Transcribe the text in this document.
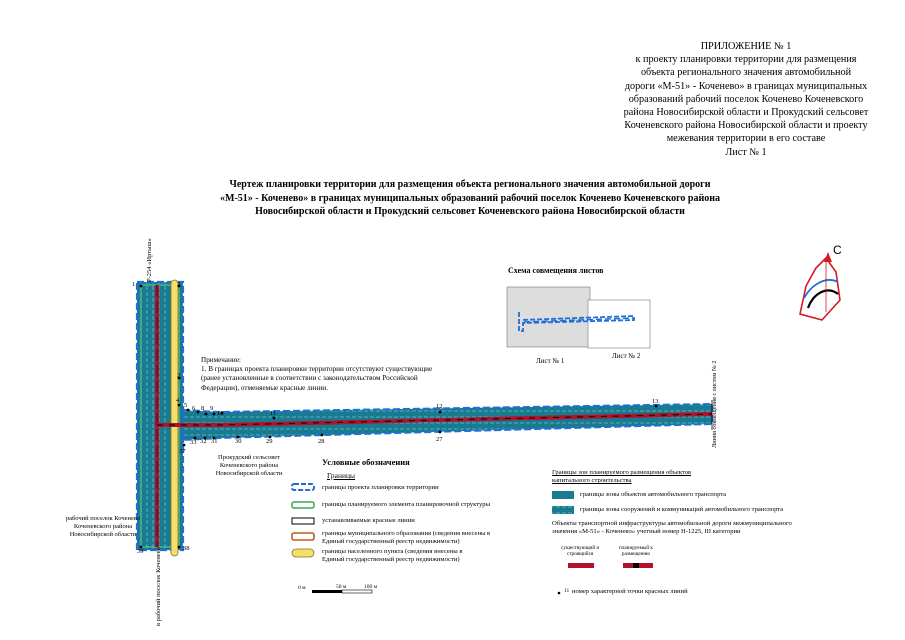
ПРИЛОЖЕНИЕ № 1
к проекту планировки территории для размещения
объекта регионального значения автомобильной
дороги «М-51» - Коченево» в границах муниципальных
образований рабочий поселок Коченево Коченевского
района Новосибирской области и Прокудский сельсовет
Коченевского района Новосибирской области и проекту
межевания территории в его составе
Лист № 1
Чертеж планировки территории для размещения объекта регионального значения автомобильной дороги
«М-51» - Коченево» в границах муниципальных образований рабочий поселок Коченево Коченевского района
Новосибирской области и Прокудский сельсовет Коченевского района Новосибирской области
Схема совмещения листов
Лист № 1
Лист № 2
С
Примечание:
1. В границах проекта планировки территории отсутствуют существующие
(ранее установленные в соответствии с законодательством Российской
Федерации), отменяемые красные линии.
Р-254 «Иртыш»
в рабочий поселок Коченево
Линия совмещения с листом № 2
рабочий поселок Коченево
Коченевского района
Новосибирской области
Прокудский сельсовет
Коченевского района
Новосибирской области
1	2
3
4
5 6 8 9
10	11
12
13
27
28
29
30
31
32
33
37
38
39
0 м	50 м	100 м
Условные обозначения
Границы
границы проекта планировки территории
границы планируемого элемента планировочной структуры
устанавливаемые красные линии
границы муниципального образования (сведения внесены в
Единый государственный реестр недвижимости)
границы населенного пункта (сведения внесены в
Единый государственный реестр недвижимости)
Границы зон планируемого размещения объектов
капитального строительства
границы зоны объектов автомобильного транспорта
границы зоны сооружений и коммуникаций автомобильного транспорта
Объекты транспортной инфраструктуры автомобильной дороги межмуниципального
значения «М-51» - Коченево» учетный номер Н-1225, III категории
существующий и
строящийся
планируемый к
размещению
11 номер характерной точки красных линий
